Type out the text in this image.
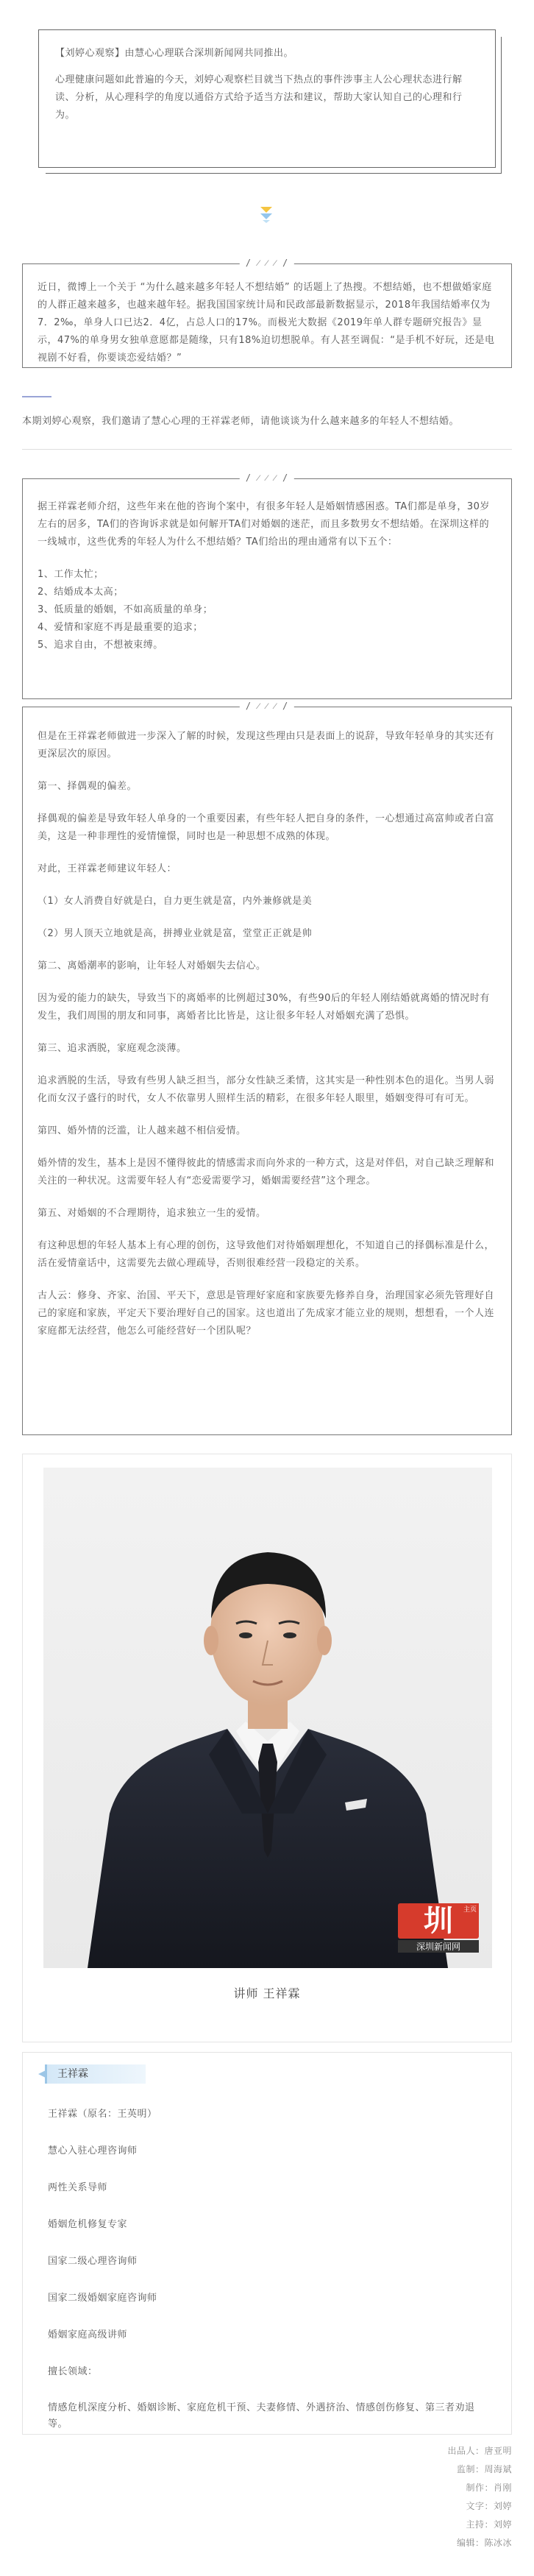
【刘婷心观察】由慧心心理联合深圳新闻网共同推出。

心理健康问题如此普遍的今天，刘婷心观察栏目就当下热点的事件涉事主人公心理状态进行解读、分析，从心理科学的角度以通俗方式给予适当方法和建议，帮助大家认知自己的心理和行为。

/ ⁄ ⁄ ⁄ /

近日，微博上一个关于 “为什么越来越多年轻人不想结婚” 的话题上了热搜。不想结婚，也不想做婚家庭的人群正越来越多，也越来越年轻。据我国国家统计局和民政部最新数据显示，2018年我国结婚率仅为7．2‰，单身人口已达2．4亿，占总人口的17%。而极光大数据《2019年单人群专题研究报告》显示，47%的单身男女独单意愿都是随缘，只有18%迫切想脱单。有人甚至调侃：“是手机不好玩，还是电视剧不好看，你要谈恋爱结婚？”

本期刘婷心观察，我们邀请了慧心心理的王祥霖老师，请他谈谈为什么越来越多的年轻人不想结婚。

/ ⁄ ⁄ ⁄ /

据王祥霖老师介绍，这些年来在他的咨询个案中，有很多年轻人是婚姻情感困惑。TA们都是单身，30岁左右的居多，TA们的咨询诉求就是如何解开TA们对婚姻的迷茫，而且多数男女不想结婚。在深圳这样的一线城市，这些优秀的年轻人为什么不想结婚？TA们给出的理由通常有以下五个：

1、工作太忙；

2、结婚成本太高；

3、低质量的婚姻，不如高质量的单身；

4、爱情和家庭不再是最重要的追求；

5、追求自由，不想被束缚。

/ ⁄ ⁄ ⁄ /

但是在王祥霖老师做进一步深入了解的时候，发现这些理由只是表面上的说辞，导致年轻单身的其实还有更深层次的原因。

第一、择偶观的偏差。

择偶观的偏差是导致年轻人单身的一个重要因素，有些年轻人把自身的条件，一心想通过高富帅或者白富美，这是一种非理性的爱情憧憬，同时也是一种思想不成熟的体现。

对此，王祥霖老师建议年轻人：

（1）女人消费自好就是白，自力更生就是富，内外兼修就是美

（2）男人顶天立地就是高，拼搏业业就是富，堂堂正正就是帅

第二、离婚潮率的影响，让年轻人对婚姻失去信心。

因为爱的能力的缺失，导致当下的离婚率的比例超过30%，有些90后的年轻人刚结婚就离婚的情况时有发生，我们周围的朋友和同事，离婚者比比皆是，这让很多年轻人对婚姻充满了恐惧。

第三、追求洒脱，家庭观念淡薄。

追求洒脱的生活，导致有些男人缺乏担当，部分女性缺乏柔情，这其实是一种性别本色的退化。当男人弱化而女汉子盛行的时代，女人不依靠男人照样生活的精彩，在很多年轻人眼里，婚姻变得可有可无。

第四、婚外情的泛滥，让人越来越不相信爱情。

婚外情的发生，基本上是因不懂得彼此的情感需求而向外求的一种方式，这是对伴侣，对自己缺乏理解和关注的一种状况。这需要年轻人有“恋爱需要学习，婚姻需要经营”这个理念。

第五、对婚姻的不合理期待，追求独立一生的爱情。

有这种思想的年轻人基本上有心理的创伤，这导致他们对待婚姻理想化，不知道自己的择偶标准是什么，活在爱情童话中，这需要先去做心理疏导，否则很难经营一段稳定的关系。

古人云：修身、齐家、治国、平天下，意思是管理好家庭和家族要先修养自身，治理国家必须先管理好自己的家庭和家族，平定天下要治理好自己的国家。这也道出了先成家才能立业的规则，想想看，一个人连家庭都无法经营，他怎么可能经营好一个团队呢？

圳
深圳新闻网
主页
讲师 王祥霖
王祥霖
王祥霖（原名：王英明）
慧心入驻心理咨询师
两性关系导师
婚姻危机修复专家
国家二级心理咨询师
国家二级婚姻家庭咨询师
婚姻家庭高级讲师
擅长领域：
情感危机深度分析、婚姻诊断、家庭危机干预、夫妻修情、外遇挤治、情感创伤修复、第三者劝退等。
出品人：唐亚明
监制：周海斌
制作：肖刚
文字：刘婷
主持：刘婷
编辑：陈冰冰
